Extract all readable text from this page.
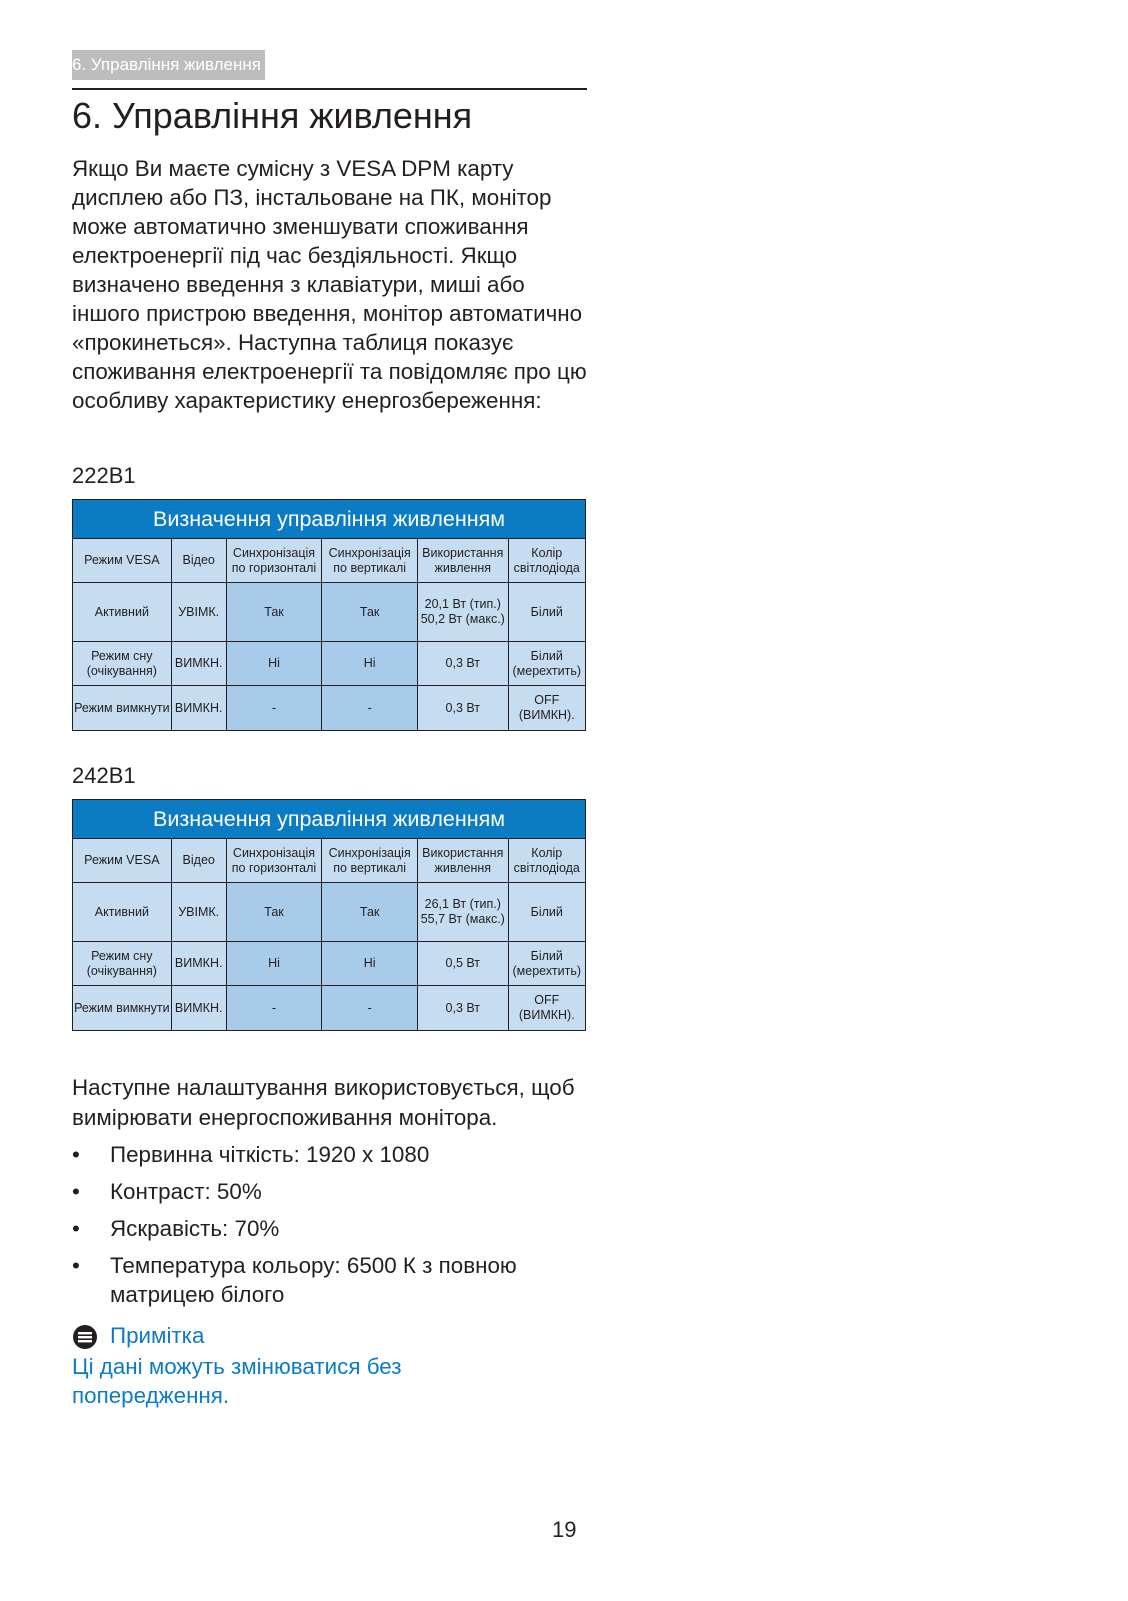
6. Управління живлення
6. Управління живлення

Якщо Ви маєте сумісну з VESA DPM карту дисплею або ПЗ, інстальоване на ПК, монітор може автоматично зменшувати споживання електроенергії під час бездіяльності. Якщо визначено введення з клавіатури, миші або іншого пристрою введення, монітор автоматично «прокинеться». Наступна таблиця показує споживання електроенергії та повідомляє про цю особливу характеристику енергозбереження:

222B1

Визначення управління живленням					
Режим VESA	Відео	Синхронізація по горизонталі	Синхронізація по вертикалі	Використання живлення	Колір світлодіода
Активний	УВІМК.	Так	Так	20,1 Вт (тип.) 50,2 Вт (макс.)	Білий
Режим сну (очікування)	ВИМКН.	Ні	Ні	0,3 Вт	Білий (мерехтить)
Режим вимкнути	ВИМКН.	-	-	0,3 Вт	OFF (ВИМКН).

242B1

Визначення управління живленням					
Режим VESA	Відео	Синхронізація по горизонталі	Синхронізація по вертикалі	Використання живлення	Колір світлодіода
Активний	УВІМК.	Так	Так	26,1 Вт (тип.) 55,7 Вт (макс.)	Білий
Режим сну (очікування)	ВИМКН.	Ні	Ні	0,5 Вт	Білий (мерехтить)
Режим вимкнути	ВИМКН.	-	-	0,3 Вт	OFF (ВИМКН).

Наступне налаштування використовується, щоб вимірювати енергоспоживання монітора.

• Первинна чіткість: 1920 x 1080
• Контраст: 50%
• Яскравість: 70%
• Температура кольору: 6500 К з повною матрицею білого
Примітка

Ці дані можуть змінюватися без попередження.

19
